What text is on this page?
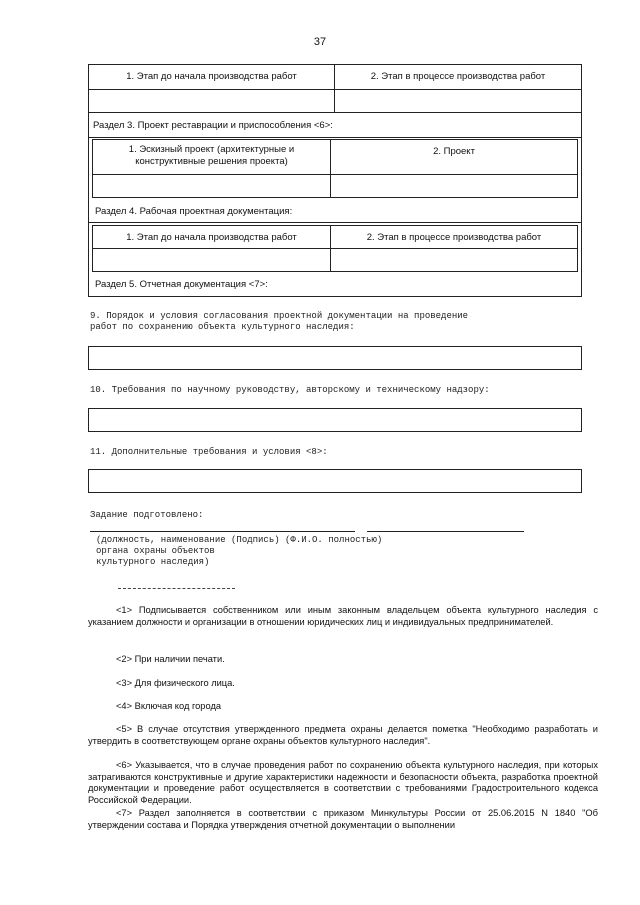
37
1. Этап до начала производства работ	2. Этап в процессе производства работ
Раздел 3. Проект реставрации и приспособления <6>:
1. Эскизный проект (архитектурные и конструктивные решения проекта)
2. Проект
Раздел 4. Рабочая проектная документация:
1. Этап до начала производства работ	2. Этап в процессе производства работ
Раздел 5. Отчетная документация <7>:
9. Порядок и условия согласования проектной документации на проведение
работ по сохранению объекта культурного наследия:
10. Требования по научному руководству, авторскому и техническому надзору:
11. Дополнительные требования и условия <8>:
Задание подготовлено:
(должность, наименование (Подпись) (Ф.И.О. полностью)
органа охраны объектов
культурного наследия)
<1> Подписывается собственником или иным законным владельцем объекта культурного наследия с указанием должности и организации в отношении юридических лиц и индивидуальных предпринимателей.
<2> При наличии печати.
<3> Для физического лица.
<4> Включая код города
<5> В случае отсутствия утвержденного предмета охраны делается пометка "Необходимо разработать и утвердить в соответствующем органе охраны объектов культурного наследия".
<6> Указывается, что в случае проведения работ по сохранению объекта культурного наследия, при которых затрагиваются конструктивные и другие характеристики надежности и безопасности объекта, разработка проектной документации и проведение работ осуществляется в соответствии с требованиями Градостроительного кодекса Российской Федерации.
<7> Раздел заполняется в соответствии с приказом Минкультуры России от 25.06.2015 N 1840 "Об утверждении состава и Порядка утверждения отчетной документации о выполнении
